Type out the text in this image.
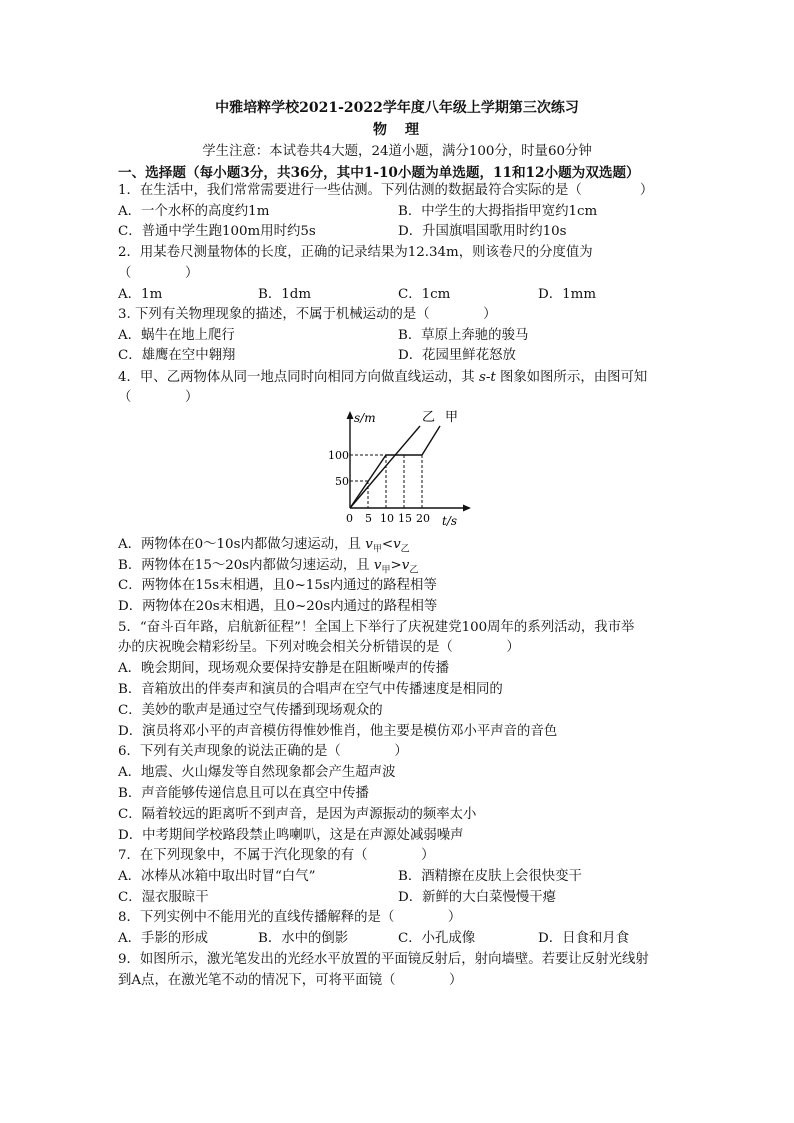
中雅培粹学校2021-2022学年度八年级上学期第三次练习
物　理
学生注意：本试卷共4大题，24道小题，满分100分，时量60分钟
一、选择题（每小题3分，共36分，其中1-10小题为单选题，11和12小题为双选题）
1．在生活中，我们常常需要进行一些估测。下列估测的数据最符合实际的是（	）
A．一个水杯的高度约1m	B．中学生的大拇指指甲宽约1cm
C．普通中学生跑100m用时约5s	D．升国旗唱国歌用时约10s
2．用某卷尺测量物体的长度，正确的记录结果为12.34m，则该卷尺的分度值为
（　　　　）
A．1m	B．1dm	C．1cm	D．1mm
3. 下列有关物理现象的描述，不属于机械运动的是（　　　　）
A．蜗牛在地上爬行	B．草原上奔驰的骏马
C．雄鹰在空中翱翔	D．花园里鲜花怒放
4．甲、乙两物体从同一地点同时向相同方向做直线运动，其 s-t 图象如图所示，由图可知
（　　　　）
s/m
t/s
100
50
0 5 10 15 20
乙 甲
A．两物体在0～10s内都做匀速运动，且 $v_甲<v_乙$
B．两物体在15～20s内都做匀速运动，且 $v_甲>v_乙$
C．两物体在15s末相遇，且0~15s内通过的路程相等
D．两物体在20s末相遇，且0~20s内通过的路程相等
5．“奋斗百年路，启航新征程”！全国上下举行了庆祝建党100周年的系列活动，我市举
办的庆祝晚会精彩纷呈。下列对晚会相关分析错误的是（　　　　）
A．晚会期间，现场观众要保持安静是在阻断噪声的传播
B．音箱放出的伴奏声和演员的合唱声在空气中传播速度是相同的
C．美妙的歌声是通过空气传播到现场观众的
D．演员将邓小平的声音模仿得惟妙惟肖，他主要是模仿邓小平声音的音色
6．下列有关声现象的说法正确的是（　　　　）
A．地震、火山爆发等自然现象都会产生超声波
B．声音能够传递信息且可以在真空中传播
C．隔着较远的距离听不到声音，是因为声源振动的频率太小
D．中考期间学校路段禁止鸣喇叭，这是在声源处减弱噪声
7．在下列现象中，不属于汽化现象的有（　　　　）
A．冰棒从冰箱中取出时冒“白气”	B．酒精擦在皮肤上会很快变干
C．湿衣服晾干	D．新鲜的大白菜慢慢干瘪
8．下列实例中不能用光的直线传播解释的是（　　　　）
A．手影的形成	B．水中的倒影	C．小孔成像	D．日食和月食
9．如图所示，激光笔发出的光经水平放置的平面镜反射后，射向墙壁。若要让反射光线射
到A点，在激光笔不动的情况下，可将平面镜（　　　　）
